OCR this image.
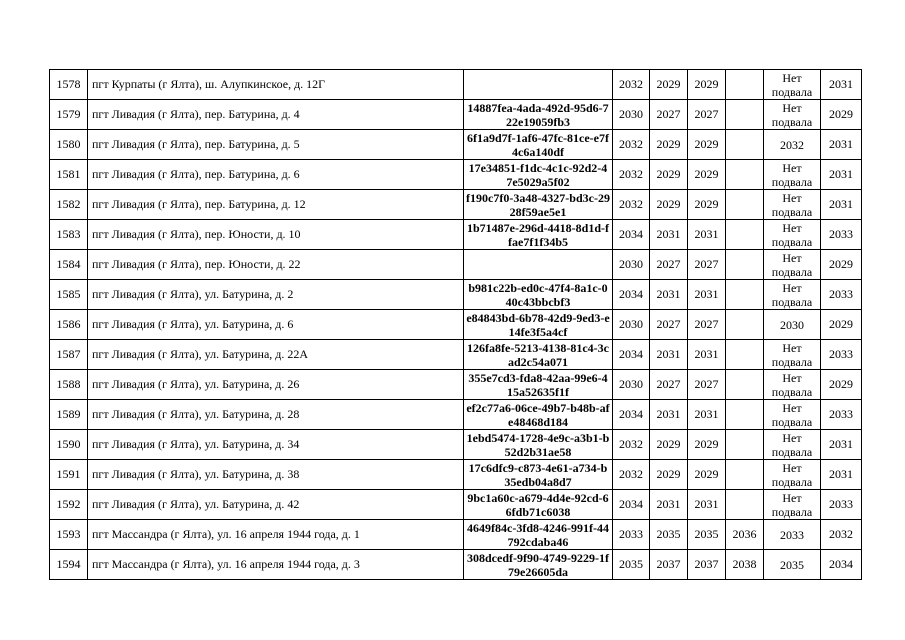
1578	пгт Курпаты (г Ялта), ш. Алупкинское, д. 12Г		2032	2029	2029		Нет подвала	2031
1579	пгт Ливадия (г Ялта), пер. Батурина, д. 4	14887fea-4ada-492d-95d6-722e19059fb3	2030	2027	2027		Нет подвала	2029
1580	пгт Ливадия (г Ялта), пер. Батурина, д. 5	6f1a9d7f-1af6-47fc-81ce-e7f4c6a140df	2032	2029	2029		2032	2031
1581	пгт Ливадия (г Ялта), пер. Батурина, д. 6	17e34851-f1dc-4c1c-92d2-47e5029a5f02	2032	2029	2029		Нет подвала	2031
1582	пгт Ливадия (г Ялта), пер. Батурина, д. 12	f190c7f0-3a48-4327-bd3c-2928f59ae5e1	2032	2029	2029		Нет подвала	2031
1583	пгт Ливадия (г Ялта), пер. Юности, д. 10	1b71487e-296d-4418-8d1d-ffae7f1f34b5	2034	2031	2031		Нет подвала	2033
1584	пгт Ливадия (г Ялта), пер. Юности, д. 22		2030	2027	2027		Нет подвала	2029
1585	пгт Ливадия (г Ялта), ул. Батурина, д. 2	b981c22b-ed0c-47f4-8a1c-040c43bbcbf3	2034	2031	2031		Нет подвала	2033
1586	пгт Ливадия (г Ялта), ул. Батурина, д. 6	e84843bd-6b78-42d9-9ed3-e14fe3f5a4cf	2030	2027	2027		2030	2029
1587	пгт Ливадия (г Ялта), ул. Батурина, д. 22А	126fa8fe-5213-4138-81c4-3cad2c54a071	2034	2031	2031		Нет подвала	2033
1588	пгт Ливадия (г Ялта), ул. Батурина, д. 26	355e7cd3-fda8-42aa-99e6-415a52635f1f	2030	2027	2027		Нет подвала	2029
1589	пгт Ливадия (г Ялта), ул. Батурина, д. 28	ef2c77a6-06ce-49b7-b48b-afe48468d184	2034	2031	2031		Нет подвала	2033
1590	пгт Ливадия (г Ялта), ул. Батурина, д. 34	1ebd5474-1728-4e9c-a3b1-b52d2b31ae58	2032	2029	2029		Нет подвала	2031
1591	пгт Ливадия (г Ялта), ул. Батурина, д. 38	17c6dfc9-c873-4e61-a734-b35edb04a8d7	2032	2029	2029		Нет подвала	2031
1592	пгт Ливадия (г Ялта), ул. Батурина, д. 42	9bc1a60c-a679-4d4e-92cd-66fdb71c6038	2034	2031	2031		Нет подвала	2033
1593	пгт Массандра (г Ялта), ул. 16 апреля 1944 года, д. 1	4649f84c-3fd8-4246-991f-44792cdaba46	2033	2035	2035	2036	2033	2032
1594	пгт Массандра (г Ялта), ул. 16 апреля 1944 года, д. 3	308dcedf-9f90-4749-9229-1f79e26605da	2035	2037	2037	2038	2035	2034
